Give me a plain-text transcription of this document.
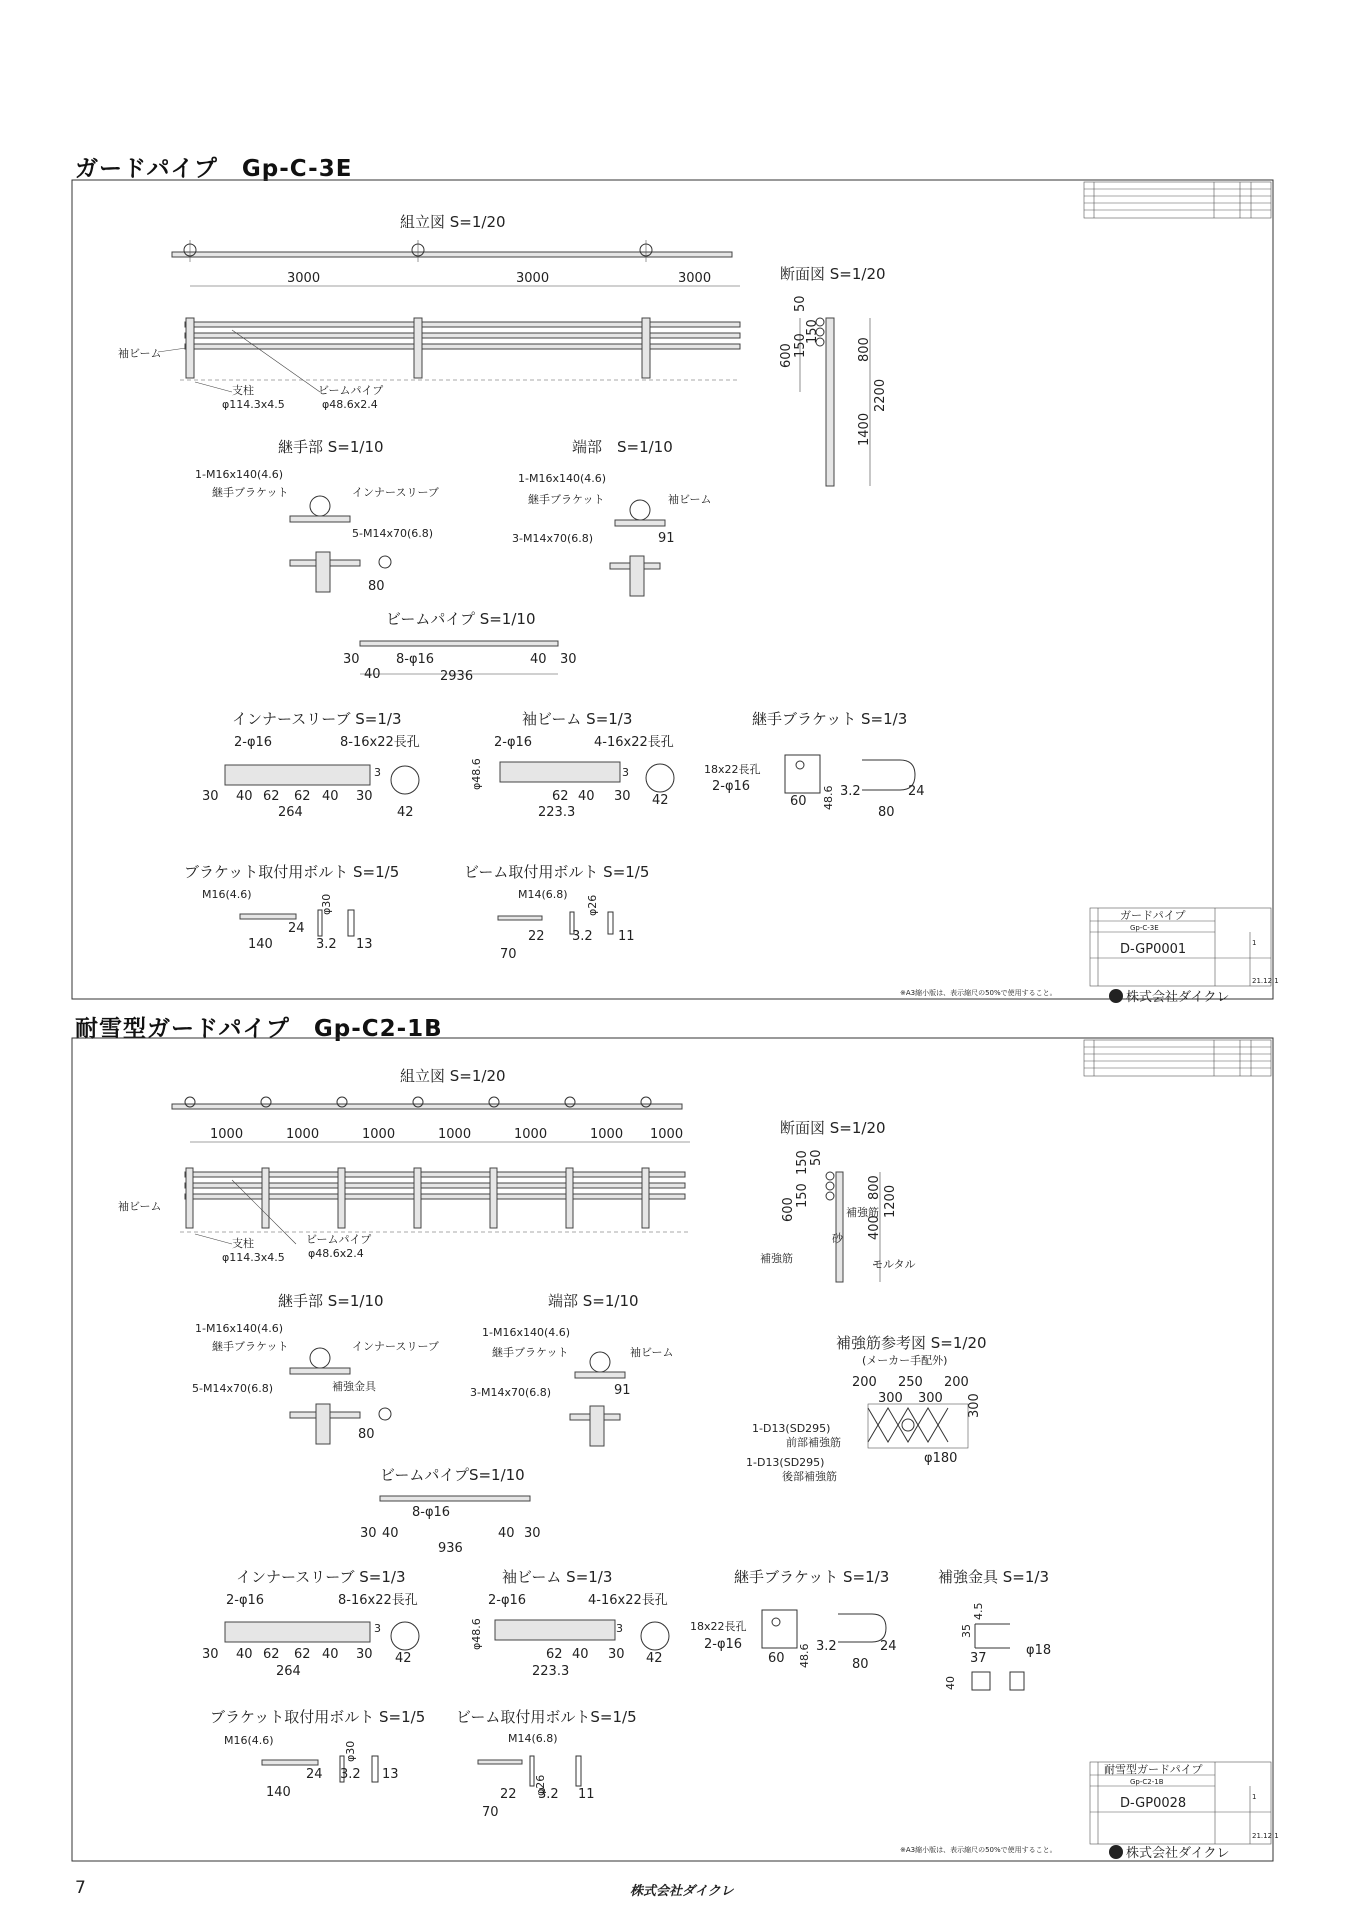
ガードパイプ　Gp-C-3E
耐雪型ガードパイプ　Gp-C2-1B
組立図 S=1/20
3000	3000	3000
袖ビーム
支柱
φ114.3x4.5
ビームパイプ
φ48.6x2.4
断面図 S=1/20
50
150
150
600	800
2200
1400
継手部 S=1/10
1-M16x140(4.6)
継手ブラケット	インナースリーブ
5-M14x70(6.8)
80
端部　S=1/10
1-M16x140(4.6)
継手ブラケット	袖ビーム
3-M14x70(6.8)	91
ビームパイプ S=1/10
30
40
8-φ16	40 30
2936
インナースリーブ S=1/3
2-φ16	8-16x22長孔
3
30 40 62 62 40 30
264	42
袖ビーム S=1/3
2-φ16	4-16x22長孔
3
φ48.6
62 40 30
223.3
42
継手ブラケット S=1/3
18x22長孔
2-φ16
60 48.6 3.2	24
80
ブラケット取付用ボルト S=1/5
M16(4.6)	φ30
24
140	3.2 13
ビーム取付用ボルト S=1/5
M14(6.8)
φ26
22
70
3.2 11
ガードパイプ
Gp-C-3E
D-GP0001	1
21.12.1
株式会社ダイクレ
※A3縮小版は、表示縮尺の50%で使用すること。
組立図 S=1/20
1000	1000	1000	1000	1000	1000 1000
袖ビーム
支柱
φ114.3x4.5
ビームパイプ
φ48.6x2.4
断面図 S=1/20
50
150
150
600
800 1200
400
補強筋
砂
モルタル
補強筋
継手部 S=1/10
1-M16x140(4.6)
継手ブラケット	インナースリーブ
5-M14x70(6.8)	補強金具
80
端部 S=1/10
1-M16x140(4.6)
継手ブラケット	袖ビーム
3-M14x70(6.8)	91
補強筋参考図 S=1/20
(メーカー手配外)
200 250 200
300 300 300
1-D13(SD295)
前部補強筋
1-D13(SD295)
後部補強筋
φ180
ビームパイプS=1/10
30 40
8-φ16
40 30
936
インナースリーブ S=1/3
2-φ16	8-16x22長孔
3
30 40 62 62 40 30
264
42
袖ビーム S=1/3
2-φ16	4-16x22長孔
3
φ48.6
62 40 30
223.3
42
継手ブラケット S=1/3
18x22長孔
2-φ16
60 48.6 3.2	24
80
補強金具 S=1/3
4.5
35
37
φ18
40
ブラケット取付用ボルト S=1/5
M16(4.6)
φ30
24
140
3.2 13
ビーム取付用ボルトS=1/5
M14(6.8)
φ26
22
70
3.2 11
耐雪型ガードパイプ
Gp-C2-1B
D-GP0028	1
21.12.1
株式会社ダイクレ
※A3縮小版は、表示縮尺の50%で使用すること。
7	株式会社ダイクレ
